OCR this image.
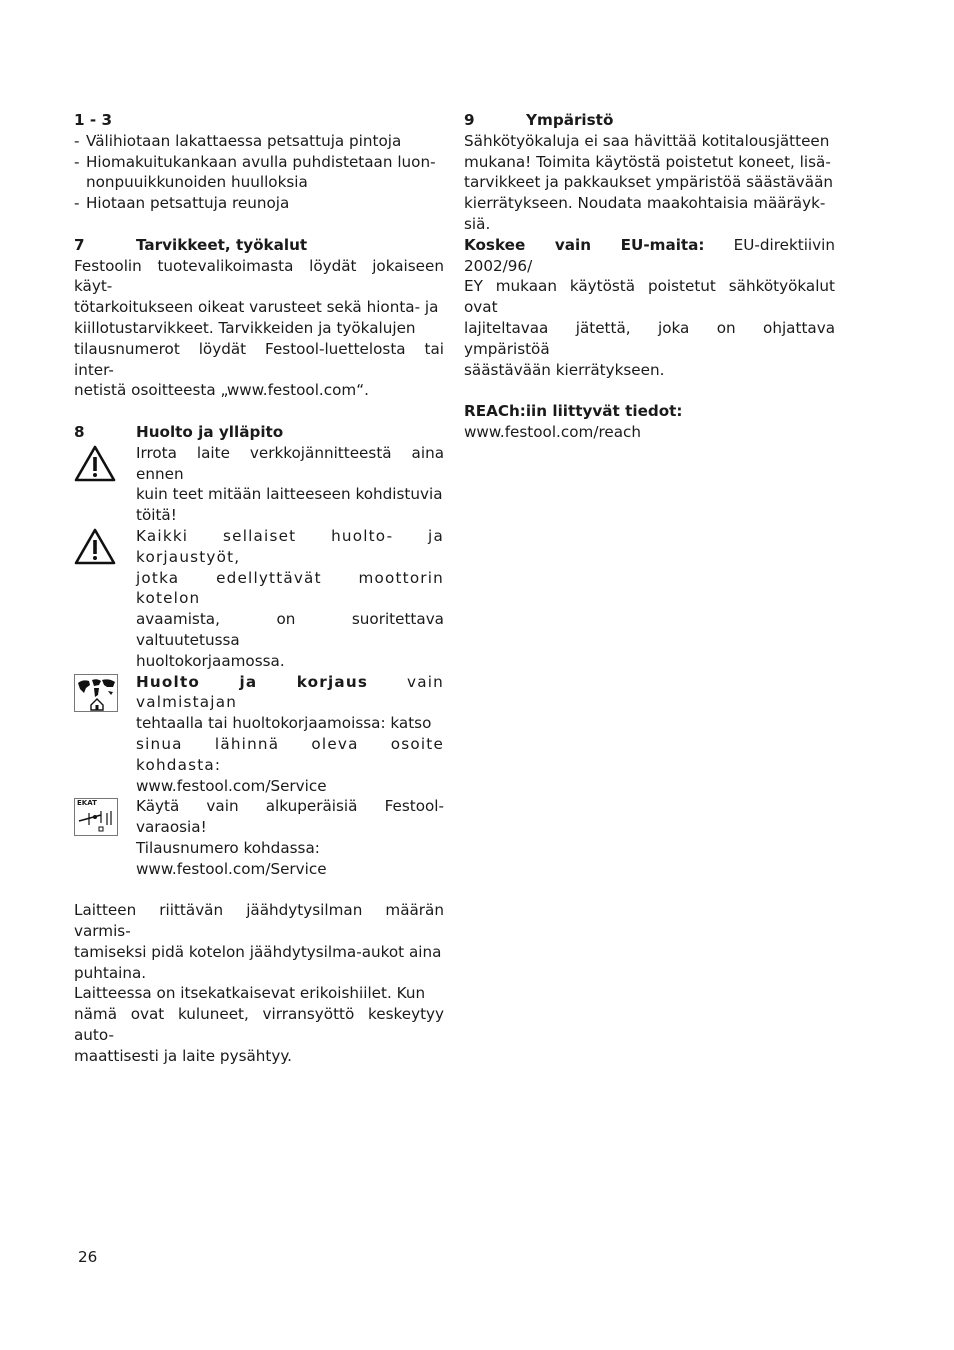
1 - 3
- Välihiotaan lakattaessa petsattuja pintoja
- Hiomakuitukankaan avulla puhdistetaan luon-
nonpuuikkunoiden huulloksia
- Hiotaan petsattuja reunoja
7	Tarvikkeet, työkalut

Festoolin tuotevalikoimasta löydät jokaiseen käyt-
tötarkoitukseen oikeat varusteet sekä hionta- ja
kiillotustarvikkeet. Tarvikkeiden ja työkalujen
tilausnumerot löydät Festool-luettelosta tai inter-
netistä osoitteesta „www.festool.com“.

8	Huolto ja ylläpito
Irrota laite verkkojännitteestä aina ennen
kuin teet mitään laitteeseen kohdistuvia
töitä!
Kaikki sellaiset huolto- ja korjaustyöt,
jotka edellyttävät moottorin kotelon
avaamista, on suoritettava valtuutetussa
huoltokorjaamossa.
Huolto ja korjaus vain valmistajan
tehtaalla tai huoltokorjaamoissa: katso
sinua lähinnä oleva osoite kohdasta:
www.festool.com/Service
EKAT	Käytä vain alkuperäisiä Festool- varaosia!
Tilausnumero kohdassa:
www.festool.com/Service

Laitteen riittävän jäähdytysilman määrän varmis-
tamiseksi pidä kotelon jäähdytysilma-aukot aina
puhtaina.

Laitteessa on itsekatkaisevat erikoishiilet. Kun
nämä ovat kuluneet, virransyöttö keskeytyy auto-
maattisesti ja laite pysähtyy.

9	Ympäristö

Sähkötyökaluja ei saa hävittää kotitalousjätteen
mukana! Toimita käytöstä poistetut koneet, lisä-
tarvikkeet ja pakkaukset ympäristöä säästävään
kierrätykseen. Noudata maakohtaisia määräyk-
siä.

Koskee vain EU-maita: EU-direktiivin 2002/96/
EY mukaan käytöstä poistetut sähkötyökalut ovat
lajiteltavaa jätettä, joka on ohjattava ympäristöä
säästävään kierrätykseen.

REACh:iin liittyvät tiedot:
www.festool.com/reach
26
